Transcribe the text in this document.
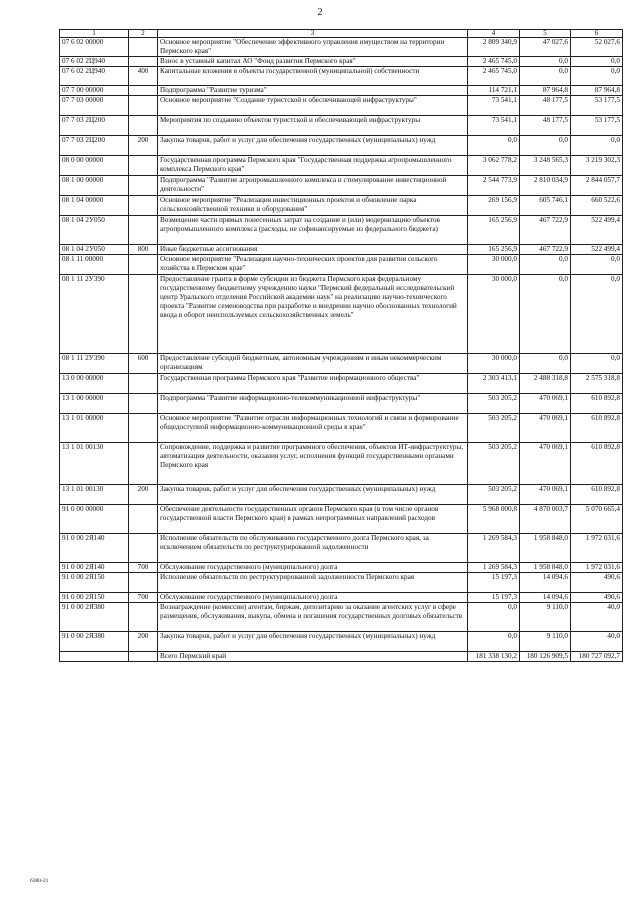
2
1	2	3	4	5	6
07 6 02 00000		Основное мероприятие "Обеспечение эффективного управления имуществом на территории Пермского края"	2 809 340,9	47 027,6	52 027,6
07 6 02 2Ц940		Взнос в уставный капитал АО "Фонд развития Пермского края"	2 465 745,0	0,0	0,0
07 6 02 2Ц940	400	Капитальные вложения в объекты государственной (муниципальной) собственности	2 465 745,0	0,0	0,0
07 7 00 00000		Подпрограмма "Развитие туризма"	114 721,1	87 964,8	87 964,8
07 7 03 00000		Основное мероприятие "Создание туристской и обеспечивающей инфраструктуры"	73 541,1	48 177,5	53 177,5
07 7 03 2Ц200		Мероприятия по созданию объектов туристской и обеспечивающей инфраструктуры	73 541,1	48 177,5	53 177,5
07 7 03 2Ц200	200	Закупка товаров, работ и услуг для обеспечения государственных (муниципальных) нужд	0,0	0,0	0,0
08 0 00 00000		Государственная программа Пермского края "Государственная поддержка агропромышленного комплекса Пермского края"	3 062 778,2	3 248 565,3	3 219 302,3
08 1 00 00000		Подпрограмма "Развитие агропромышленного комплекса и стимулирование инвестиционной деятельности"	2 544 773,9	2 810 034,9	2 844 057,7
08 1 04 00000		Основное мероприятие "Реализация инвестиционных проектов и обновление парка сельскохозяйственной техники и оборудования"	269 156,9	605 746,1	660 522,6
08 1 04 2У050		Возмещение части прямых понесенных затрат на создание и (или) модернизацию объектов агропромышленного комплекса (расходы, не софинансируемые из федерального бюджета)	165 256,9	467 722,9	522 499,4
08 1 04 2У050	800	Иные бюджетные ассигнования	165 256,9	467 722,9	522 499,4
08 1 11 00000		Основное мероприятие "Реализация научно-технических проектов для развития сельского хозяйства в Пермском крае"	30 000,0	0,0	0,0
08 1 11 2У390		Предоставление гранта в форме субсидии из бюджета Пермского края федеральному государственному бюджетному учреждению науки "Пермский федеральный исследовательский центр Уральского отделения Российской академии наук" на реализацию научно-технического проекта "Развитие семеноводства при разработке и внедрении научно обоснованных технологий ввода в оборот неиспользуемых сельскохозяйственных земель"	30 000,0	0,0	0,0
08 1 11 2У390	600	Предоставление субсидий бюджетным, автономным учреждениям и иным некоммерческим организациям	30 000,0	0,0	0,0
13 0 00 00000		Государственная программа Пермского края "Развитие информационного общества"	2 303 413,1	2 488 318,8	2 575 318,8
13 1 00 00000		Подпрограмма "Развитие информационно-телекоммуникационной инфраструктуры"	503 205,2	470 069,1	610 892,8
13 1 01 00000		Основное мероприятие "Развитие отрасли информационных технологий и связи и формирование общедоступной информационно-коммуникационной среды в крае"	503 205,2	470 069,1	610 892,8
13 1 01 00130		Сопровождение, поддержка и развитие программного обеспечения, объектов ИТ-инфраструктуры, автоматизация деятельности, оказания услуг, исполнения функций государственными органами Пермского края	503 205,2	470 069,1	610 892,8
13 1 01 00130	200	Закупка товаров, работ и услуг для обеспечения государственных (муниципальных) нужд	503 205,2	470 069,1	610 892,8
91 0 00 00000		Обеспечение деятельности государственных органов Пермского края (в том числе органов государственной власти Пермского края) в рамках непрограммных направлений расходов	5 968 000,8	4 870 003,7	5 070 665,4
91 0 00 2Я140		Исполнение обязательств по обслуживанию государственного долга Пермского края, за исключением обязательств по реструктурированной задолженности	1 269 584,3	1 958 848,0	1 972 031,6
91 0 00 2Я140	700	Обслуживание государственного (муниципального) долга	1 269 584,3	1 958 848,0	1 972 031,6
91 0 00 2Я150		Исполнение обязательств по реструктурированной задолженности Пермского края	15 197,3	14 094,6	490,6
91 0 00 2Я150	700	Обслуживание государственного (муниципального) долга	15 197,3	14 094,6	490,6
91 0 00 2Я380		Вознаграждение (комиссии) агентам, биржам, депозитарию за оказание агентских услуг в сфере размещения, обслуживания, выкупа, обмена и погашения государственных долговых обязательств	0,0	9 110,0	40,0
91 0 00 2Я380	200	Закупка товаров, работ и услуг для обеспечения государственных (муниципальных) нужд	0,0	9 110,0	40,0
		Всего Пермский край	181 338 130,2	180 126 909,5	180 727 092,7
6380-21
